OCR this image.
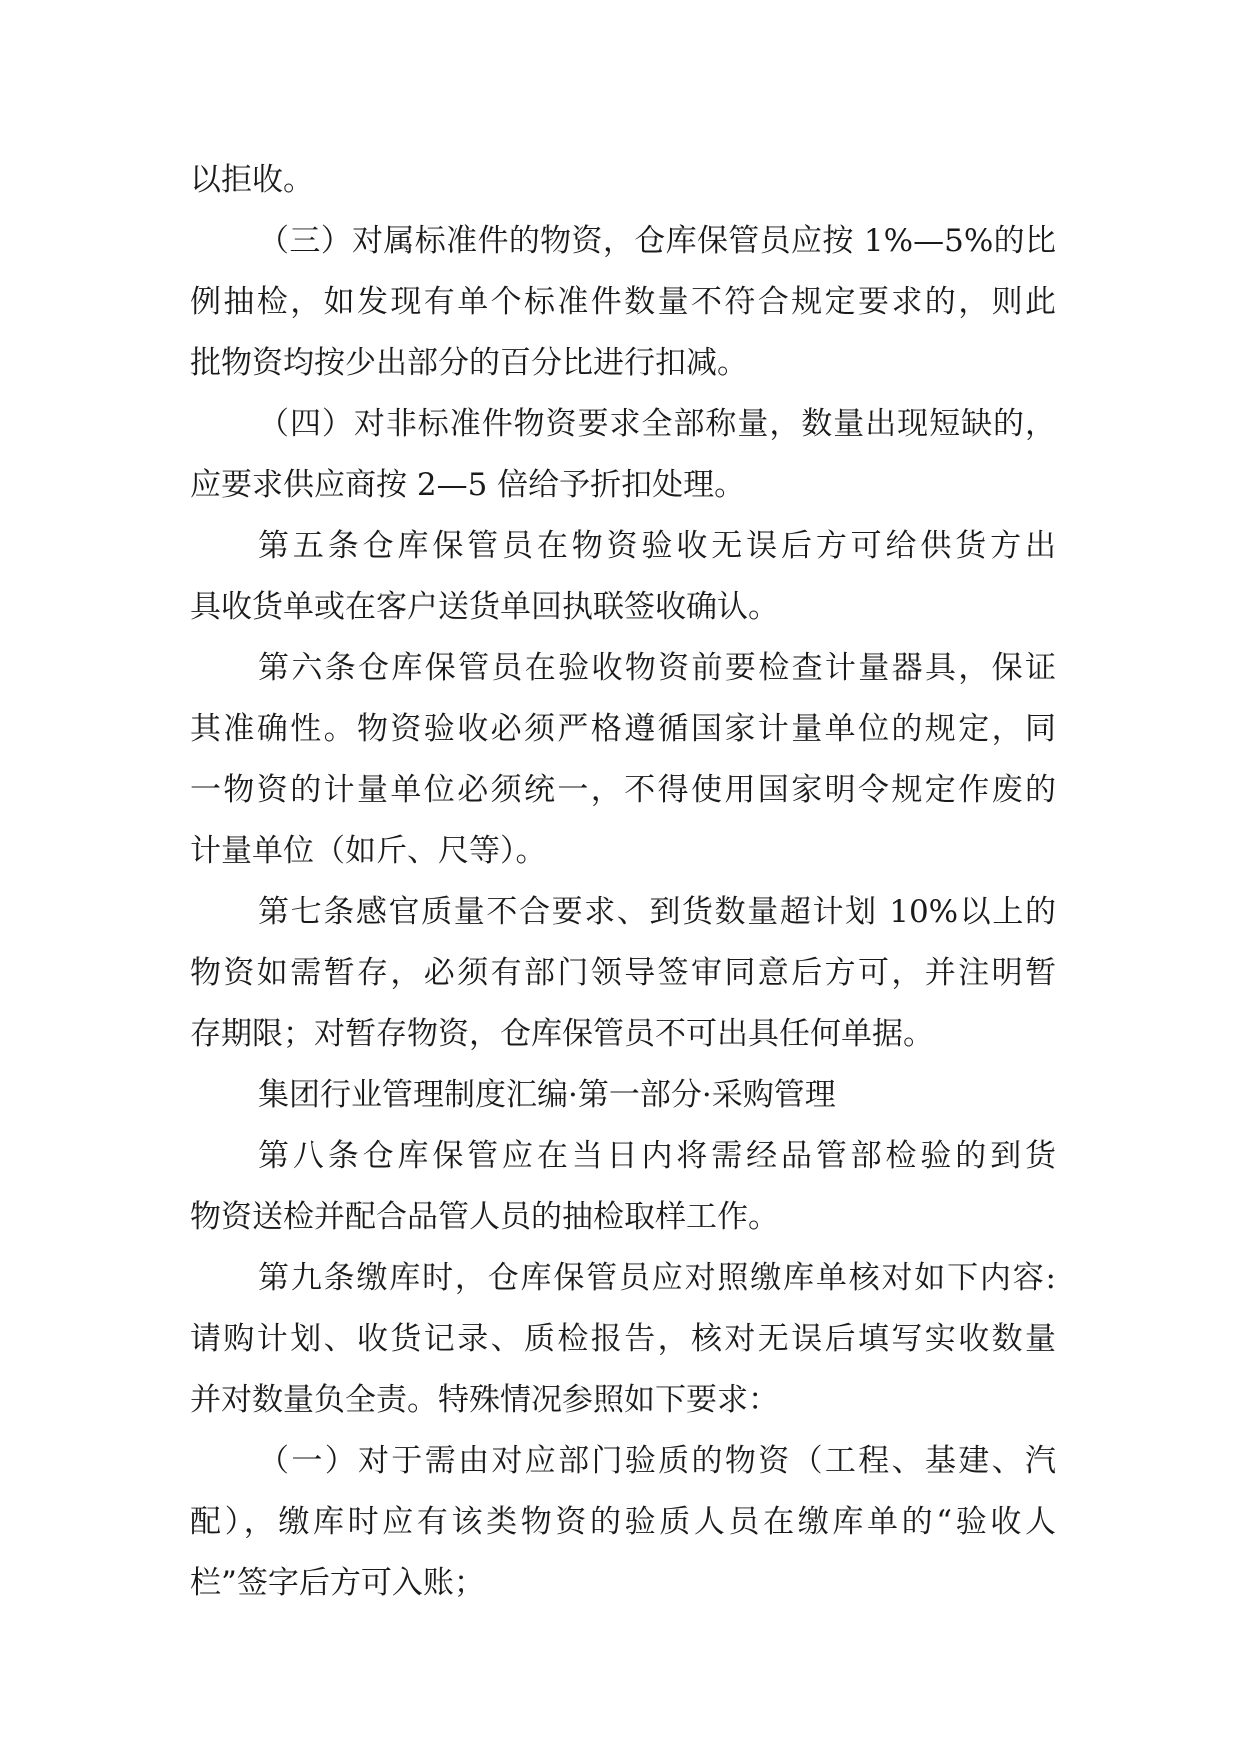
以拒收。
（三）对属标准件的物资，仓库保管员应按 1%—5%的比
例抽检，如发现有单个标准件数量不符合规定要求的，则此
批物资均按少出部分的百分比进行扣减。
（四）对非标准件物资要求全部称量，数量出现短缺的，
应要求供应商按 2—5 倍给予折扣处理。
第五条仓库保管员在物资验收无误后方可给供货方出
具收货单或在客户送货单回执联签收确认。
第六条仓库保管员在验收物资前要检查计量器具，保证
其准确性。物资验收必须严格遵循国家计量单位的规定，同
一物资的计量单位必须统一，不得使用国家明令规定作废的
计量单位（如斤、尺等）。
第七条感官质量不合要求、到货数量超计划 10%以上的
物资如需暂存，必须有部门领导签审同意后方可，并注明暂
存期限；对暂存物资，仓库保管员不可出具任何单据。
集团行业管理制度汇编·第一部分·采购管理
第八条仓库保管应在当日内将需经品管部检验的到货
物资送检并配合品管人员的抽检取样工作。
第九条缴库时，仓库保管员应对照缴库单核对如下内容:
请购计划、收货记录、质检报告，核对无误后填写实收数量
并对数量负全责。特殊情况参照如下要求：
（一）对于需由对应部门验质的物资（工程、基建、汽
配），缴库时应有该类物资的验质人员在缴库单的“验收人
栏”签字后方可入账；
